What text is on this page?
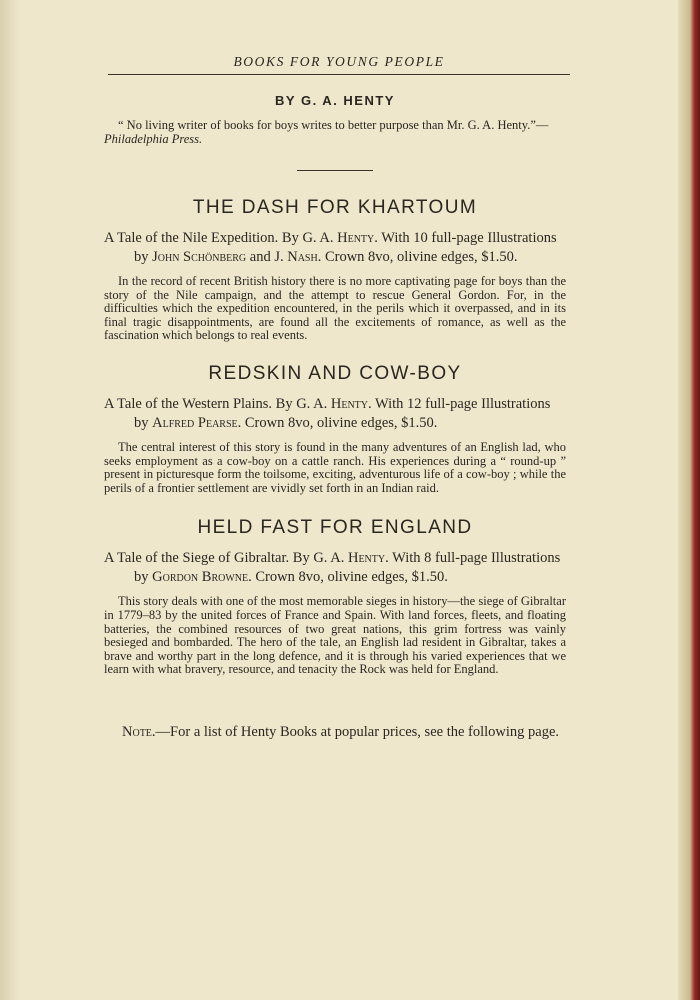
BOOKS FOR YOUNG PEOPLE
BY G. A. HENTY
“ No living writer of books for boys writes to better purpose than Mr. G. A. Henty.”—Philadelphia Press.
THE DASH FOR KHARTOUM
A Tale of the Nile Expedition. By G. A. Henty. With 10 full-page Illustrations by John Schönberg and J. Nash. Crown 8vo, olivine edges, $1.50.
In the record of recent British history there is no more captivating page for boys than the story of the Nile campaign, and the attempt to rescue General Gordon. For, in the difficulties which the expedition encountered, in the perils which it overpassed, and in its final tragic disappointments, are found all the excitements of romance, as well as the fascination which belongs to real events.
REDSKIN AND COW-BOY
A Tale of the Western Plains. By G. A. Henty. With 12 full-page Illustrations by Alfred Pearse. Crown 8vo, olivine edges, $1.50.
The central interest of this story is found in the many adventures of an English lad, who seeks employment as a cow-boy on a cattle ranch. His experiences during a “ round-up ” present in picturesque form the toilsome, exciting, adventurous life of a cow-boy ; while the perils of a frontier settlement are vividly set forth in an Indian raid.
HELD FAST FOR ENGLAND
A Tale of the Siege of Gibraltar. By G. A. Henty. With 8 full-page Illustrations by Gordon Browne. Crown 8vo, olivine edges, $1.50.
This story deals with one of the most memorable sieges in history—the siege of Gibraltar in 1779–83 by the united forces of France and Spain. With land forces, fleets, and floating batteries, the combined resources of two great nations, this grim fortress was vainly besieged and bombarded. The hero of the tale, an English lad resident in Gibraltar, takes a brave and worthy part in the long defence, and it is through his varied experiences that we learn with what bravery, resource, and tenacity the Rock was held for England.
Note.—For a list of Henty Books at popular prices, see the following page.
